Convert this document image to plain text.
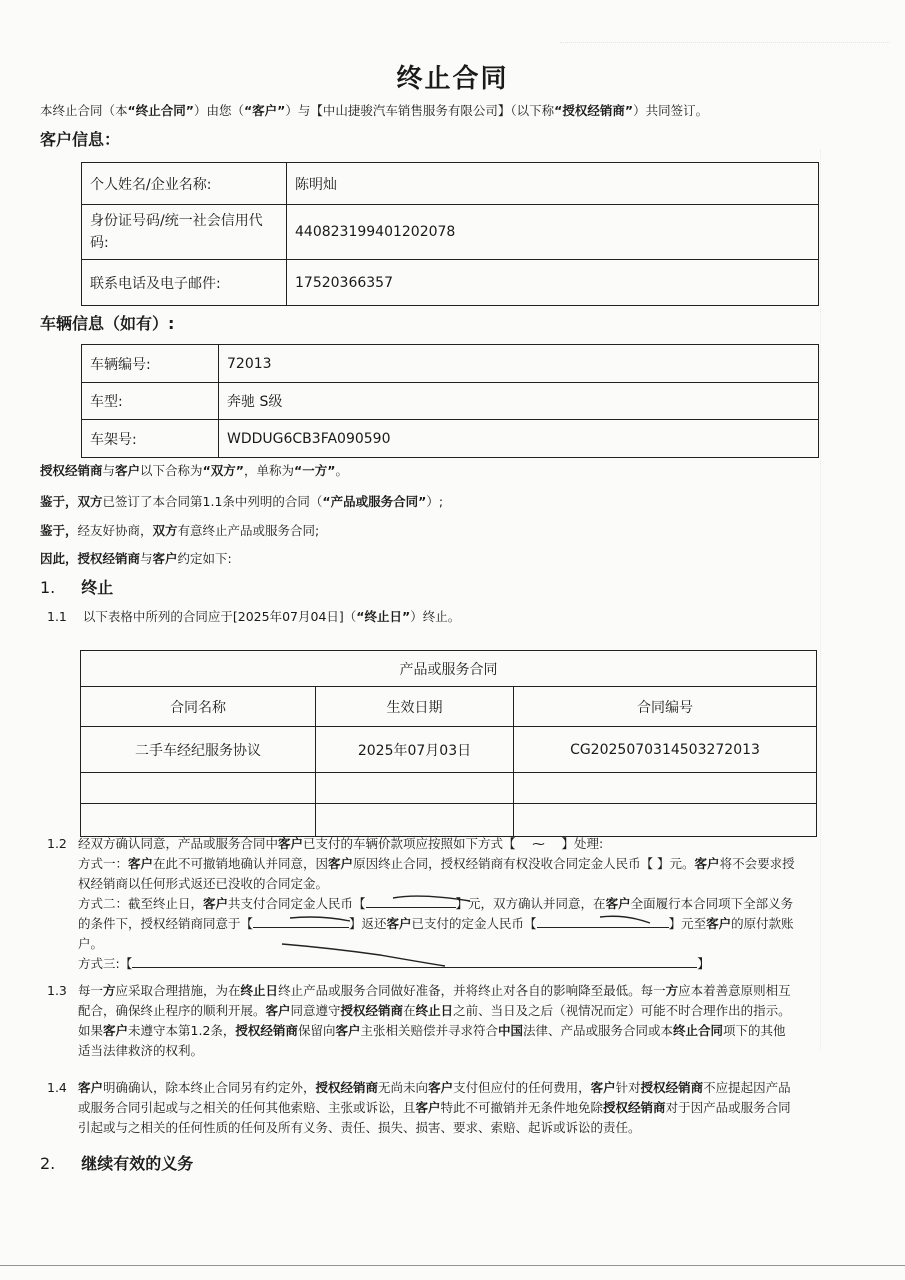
终止合同
本终止合同（本“终止合同”）由您（“客户”）与【中山捷骏汽车销售服务有限公司】（以下称“授权经销商”）共同签订。
客户信息：
个人姓名/企业名称:	陈明灿
身份证号码/统一社会信用代码:	440823199401202078
联系电话及电子邮件:	17520366357
车辆信息（如有）:
车辆编号:	72013
车型:	奔驰 S级
车架号:	WDDUG6CB3FA090590
授权经销商与客户以下合称为“双方”，单称为“一方”。
鉴于，双方已签订了本合同第1.1条中列明的合同（“产品或服务合同”）;
鉴于，经友好协商，双方有意终止产品或服务合同;
因此，授权经销商与客户约定如下:
1. 终止
1.1 以下表格中所列的合同应于[2025年07月04日]（“终止日”）终止。
产品或服务合同		
合同名称	生效日期	合同编号
二手车经纪服务协议	2025年07月03日	CG2025070314503272013

1.2 经双方确认同意，产品或服务合同中客户已支付的车辆价款项应按照如下方式【 ⁓ 】处理:
方式一：客户在此不可撤销地确认并同意，因客户原因终止合同，授权经销商有权没收合同定金人民币【 】元。客户将不会要求授
权经销商以任何形式返还已没收的合同定金。
方式二：截至终止日，客户共支付合同定金人民币【	】元，双方确认并同意，在客户全面履行本合同项下全部义务
的条件下，授权经销商同意于【	】返还客户已支付的定金人民币【	】元至客户的原付款账
户。
方式三:【	】
1.3 每一方应采取合理措施，为在终止日终止产品或服务合同做好准备，并将终止对各自的影响降至最低。每一方应本着善意原则相互
配合，确保终止程序的顺利开展。客户同意遵守授权经销商在终止日之前、当日及之后（视情况而定）可能不时合理作出的指示。
如果客户未遵守本第1.2条，授权经销商保留向客户主张相关赔偿并寻求符合中国法律、产品或服务合同或本终止合同项下的其他
适当法律救济的权利。
1.4 客户明确确认，除本终止合同另有约定外，授权经销商无尚未向客户支付但应付的任何费用，客户针对授权经销商不应提起因产品
或服务合同引起或与之相关的任何其他索赔、主张或诉讼，且客户特此不可撤销并无条件地免除授权经销商对于因产品或服务合同
引起或与之相关的任何性质的任何及所有义务、责任、损失、损害、要求、索赔、起诉或诉讼的责任。
2. 继续有效的义务
